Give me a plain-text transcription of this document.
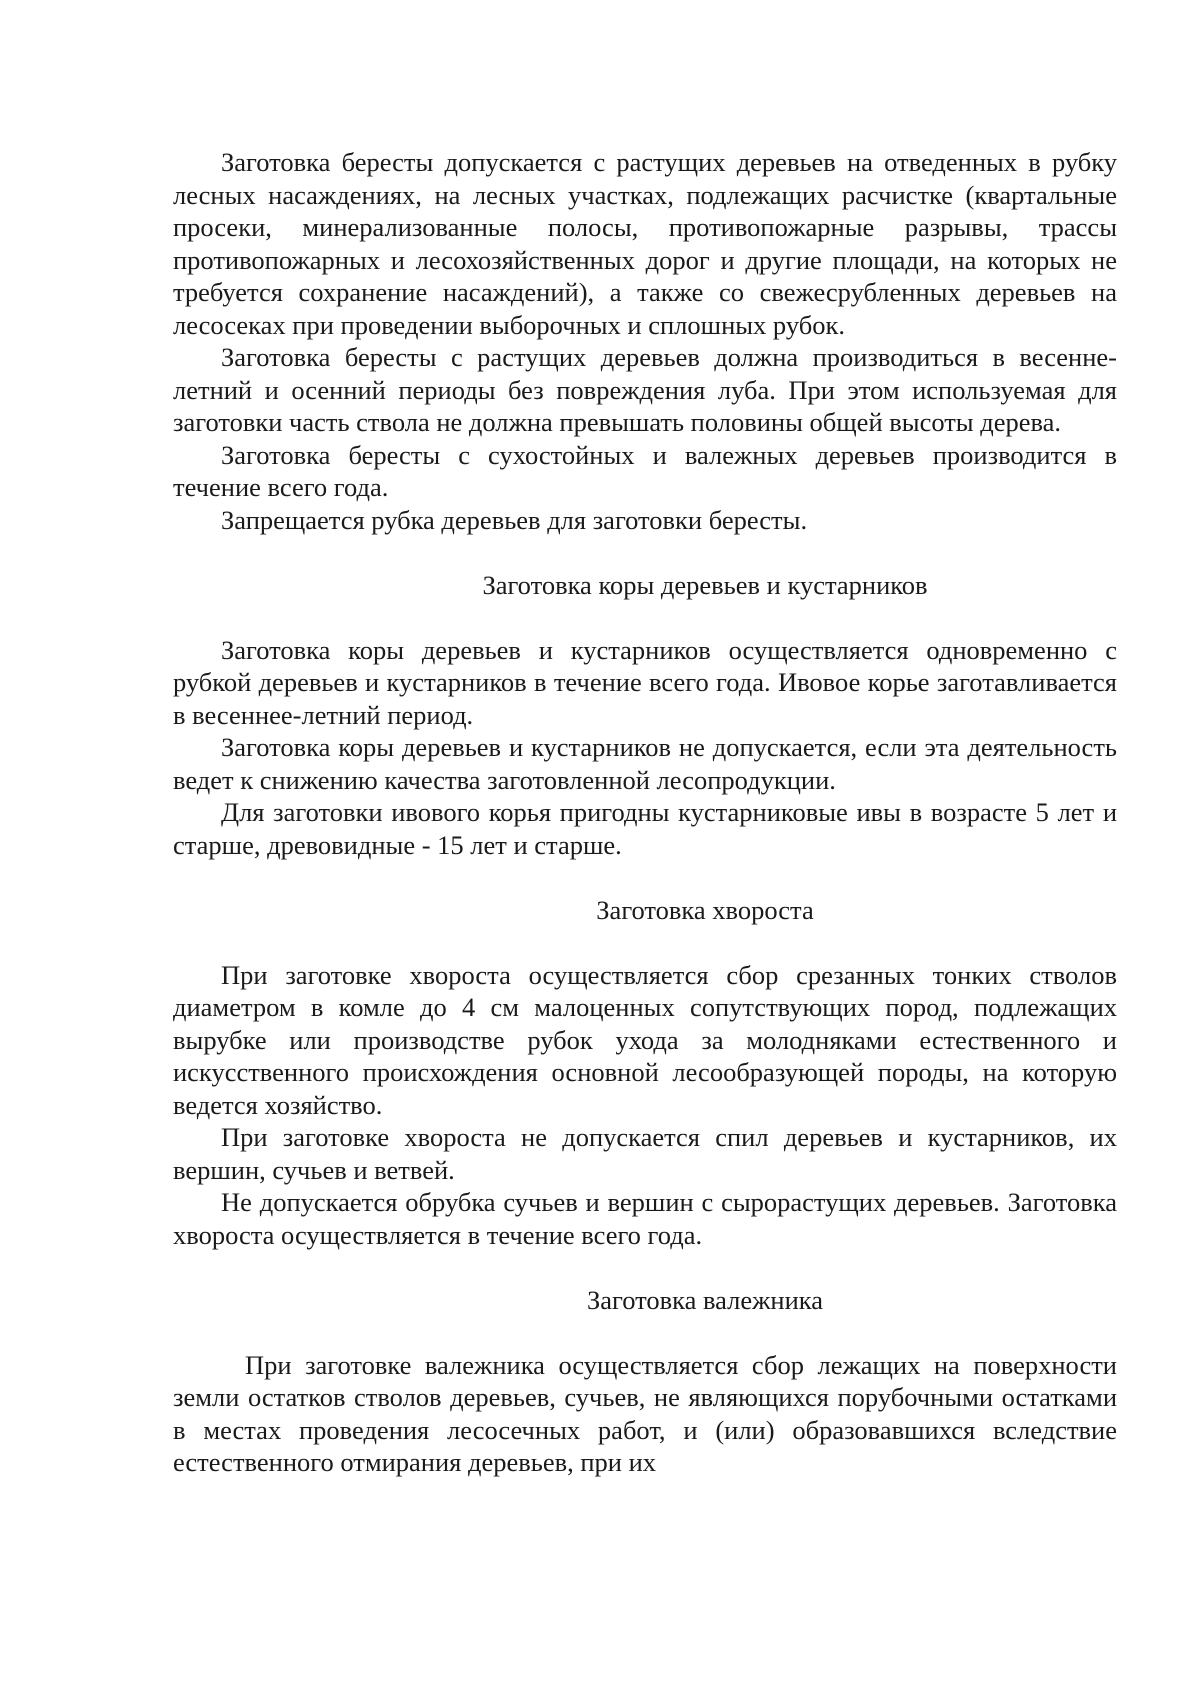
Заготовка бересты допускается с растущих деревьев на отведенных в рубку лесных насаждениях, на лесных участках, подлежащих расчистке (квартальные просеки, минерализованные полосы, противопожарные разрывы, трассы противопожарных и лесохозяйственных дорог и другие площади, на которых не требуется сохранение насаждений), а также со свежесрубленных деревьев на лесосеках при проведении выборочных и сплошных рубок.

Заготовка бересты с растущих деревьев должна производиться в весенне-летний и осенний периоды без повреждения луба. При этом используемая для заготовки часть ствола не должна превышать половины общей высоты дерева.

Заготовка бересты с сухостойных и валежных деревьев производится в течение всего года.

Запрещается рубка деревьев для заготовки бересты.

Заготовка коры деревьев и кустарников

Заготовка коры деревьев и кустарников осуществляется одновременно с рубкой деревьев и кустарников в течение всего года. Ивовое корье заготавливается в весеннее-летний период.

Заготовка коры деревьев и кустарников не допускается, если эта деятельность ведет к снижению качества заготовленной лесопродукции.

Для заготовки ивового корья пригодны кустарниковые ивы в возрасте 5 лет и старше, древовидные - 15 лет и старше.

Заготовка хвороста

При заготовке хвороста осуществляется сбор срезанных тонких стволов диаметром в комле до 4 см малоценных сопутствующих пород, подлежащих вырубке или производстве рубок ухода за молодняками естественного и искусственного происхождения основной лесообразующей породы, на которую ведется хозяйство.

При заготовке хвороста не допускается спил деревьев и кустарников, их вершин, сучьев и ветвей.

Не допускается обрубка сучьев и вершин с сырорастущих деревьев. Заготовка хвороста осуществляется в течение всего года.

Заготовка валежника

При заготовке валежника осуществляется сбор лежащих на поверхности земли остатков стволов деревьев, сучьев, не являющихся порубочными остатками в местах проведения лесосечных работ, и (или) образовавшихся вследствие естественного отмирания деревьев, при их
